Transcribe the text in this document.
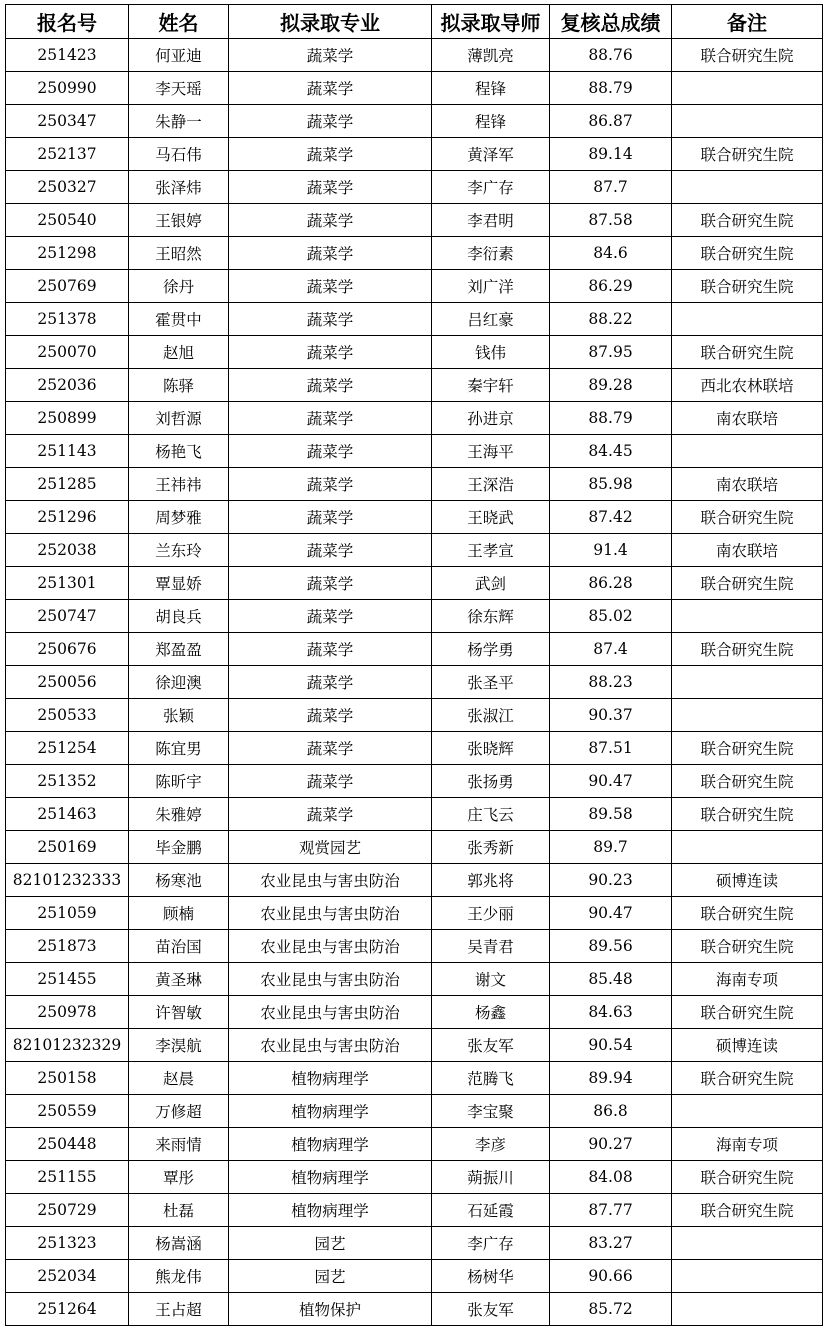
报名号	姓名	拟录取专业	拟录取导师	复核总成绩	备注
251423	何亚迪	蔬菜学	薄凯亮	88.76	联合研究生院
250990	李天瑶	蔬菜学	程锋	88.79	
250347	朱静一	蔬菜学	程锋	86.87	
252137	马石伟	蔬菜学	黄泽军	89.14	联合研究生院
250327	张泽炜	蔬菜学	李广存	87.7	
250540	王银婷	蔬菜学	李君明	87.58	联合研究生院
251298	王昭然	蔬菜学	李衍素	84.6	联合研究生院
250769	徐丹	蔬菜学	刘广洋	86.29	联合研究生院
251378	霍贯中	蔬菜学	吕红豪	88.22	
250070	赵旭	蔬菜学	钱伟	87.95	联合研究生院
252036	陈驿	蔬菜学	秦宇轩	89.28	西北农林联培
250899	刘哲源	蔬菜学	孙进京	88.79	南农联培
251143	杨艳飞	蔬菜学	王海平	84.45	
251285	王祎祎	蔬菜学	王深浩	85.98	南农联培
251296	周梦雅	蔬菜学	王晓武	87.42	联合研究生院
252038	兰东玲	蔬菜学	王孝宣	91.4	南农联培
251301	覃显娇	蔬菜学	武剑	86.28	联合研究生院
250747	胡良兵	蔬菜学	徐东辉	85.02	
250676	郑盈盈	蔬菜学	杨学勇	87.4	联合研究生院
250056	徐迎澳	蔬菜学	张圣平	88.23	
250533	张颖	蔬菜学	张淑江	90.37	
251254	陈宜男	蔬菜学	张晓辉	87.51	联合研究生院
251352	陈昕宇	蔬菜学	张扬勇	90.47	联合研究生院
251463	朱雅婷	蔬菜学	庄飞云	89.58	联合研究生院
250169	毕金鹏	观赏园艺	张秀新	89.7	
82101232333	杨寒池	农业昆虫与害虫防治	郭兆将	90.23	硕博连读
251059	顾楠	农业昆虫与害虫防治	王少丽	90.47	联合研究生院
251873	苗治国	农业昆虫与害虫防治	吴青君	89.56	联合研究生院
251455	黄圣琳	农业昆虫与害虫防治	谢文	85.48	海南专项
250978	许智敏	农业昆虫与害虫防治	杨鑫	84.63	联合研究生院
82101232329	李淏航	农业昆虫与害虫防治	张友军	90.54	硕博连读
250158	赵晨	植物病理学	范腾飞	89.94	联合研究生院
250559	万修超	植物病理学	李宝聚	86.8	
250448	来雨情	植物病理学	李彦	90.27	海南专项
251155	覃彤	植物病理学	蒴振川	84.08	联合研究生院
250729	杜磊	植物病理学	石延霞	87.77	联合研究生院
251323	杨嵩涵	园艺	李广存	83.27	
252034	熊龙伟	园艺	杨树华	90.66	
251264	王占超	植物保护	张友军	85.72	
